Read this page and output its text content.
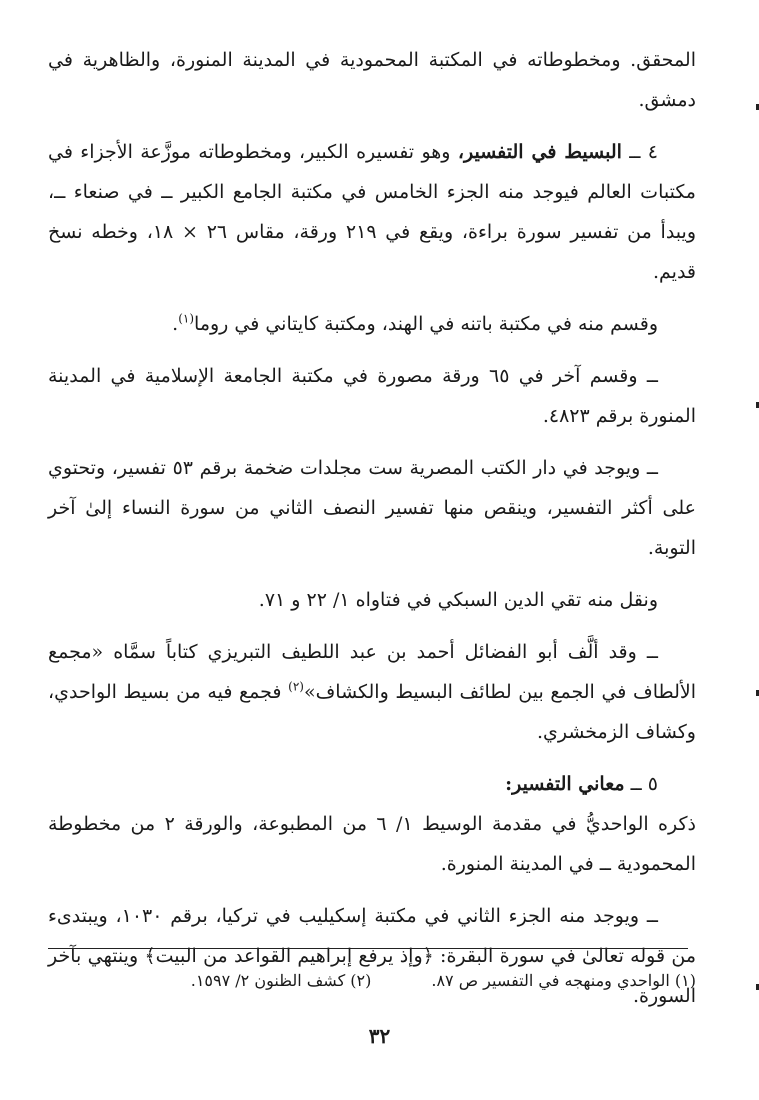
المحقق. ومخطوطاته في المكتبة المحمودية في المدينة المنورة، والظاهرية في دمشق.

٤ ــ البسيط في التفسير، وهو تفسيره الكبير، ومخطوطاته موزَّعة الأجزاء في مكتبات العالم فيوجد منه الجزء الخامس في مكتبة الجامع الكبير ــ في صنعاء ــ، ويبدأ من تفسير سورة براءة، ويقع في ٢١٩ ورقة، مقاس ٢٦ × ١٨، وخطه نسخ قديم.

وقسم منه في مكتبة باتنه في الهند، ومكتبة كايتاني في روما$^{(١)}$.

ــ وقسم آخر في ٦٥ ورقة مصورة في مكتبة الجامعة الإسلامية في المدينة المنورة برقم ٤٨٢٣.

ــ ويوجد في دار الكتب المصرية ست مجلدات ضخمة برقم ٥٣ تفسير، وتحتوي على أكثر التفسير، وينقص منها تفسير النصف الثاني من سورة النساء إلىٰ آخر التوبة.

ونقل منه تقي الدين السبكي في فتاواه ١/ ٢٢ و ٧١.

ــ وقد ألَّف أبو الفضائل أحمد بن عبد اللطيف التبريزي كتاباً سمَّاه «مجمع الألطاف في الجمع بين لطائف البسيط والكشاف»$^{(٢)}$ فجمع فيه من بسيط الواحدي، وكشاف الزمخشري.

٥ ــ معاني التفسير:

ذكره الواحديُّ في مقدمة الوسيط ١/ ٦ من المطبوعة، والورقة ٢ من مخطوطة المحمودية ــ في المدينة المنورة.

ــ ويوجد منه الجزء الثاني في مكتبة إسكيليب في تركيا، برقم ١٠٣٠، ويبتدىء من قوله تعالىٰ في سورة البقرة: ﴿وإذ يرفع إبراهيم القواعد من البيت﴾ وينتهي بآخر السورة.

(١) الواحدي ومنهجه في التفسير ص ٨٧.
(٢) كشف الظنون ٢/ ١٥٩٧.
٣٢
